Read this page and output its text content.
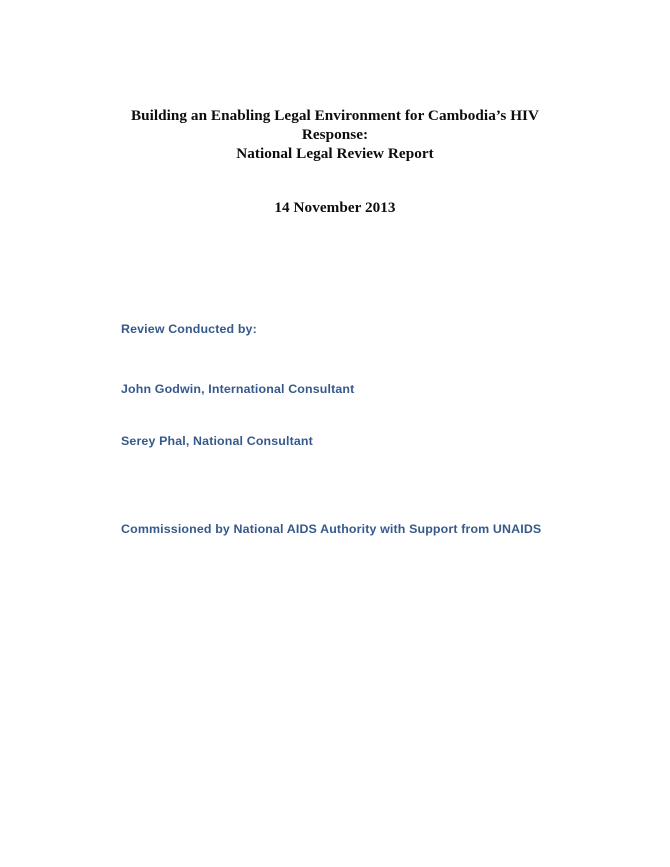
Building an Enabling Legal Environment for Cambodia’s HIV Response:
National Legal Review Report
14 November 2013
Review Conducted by:
John Godwin, International Consultant
Serey Phal, National Consultant
Commissioned by National AIDS Authority with Support from UNAIDS
